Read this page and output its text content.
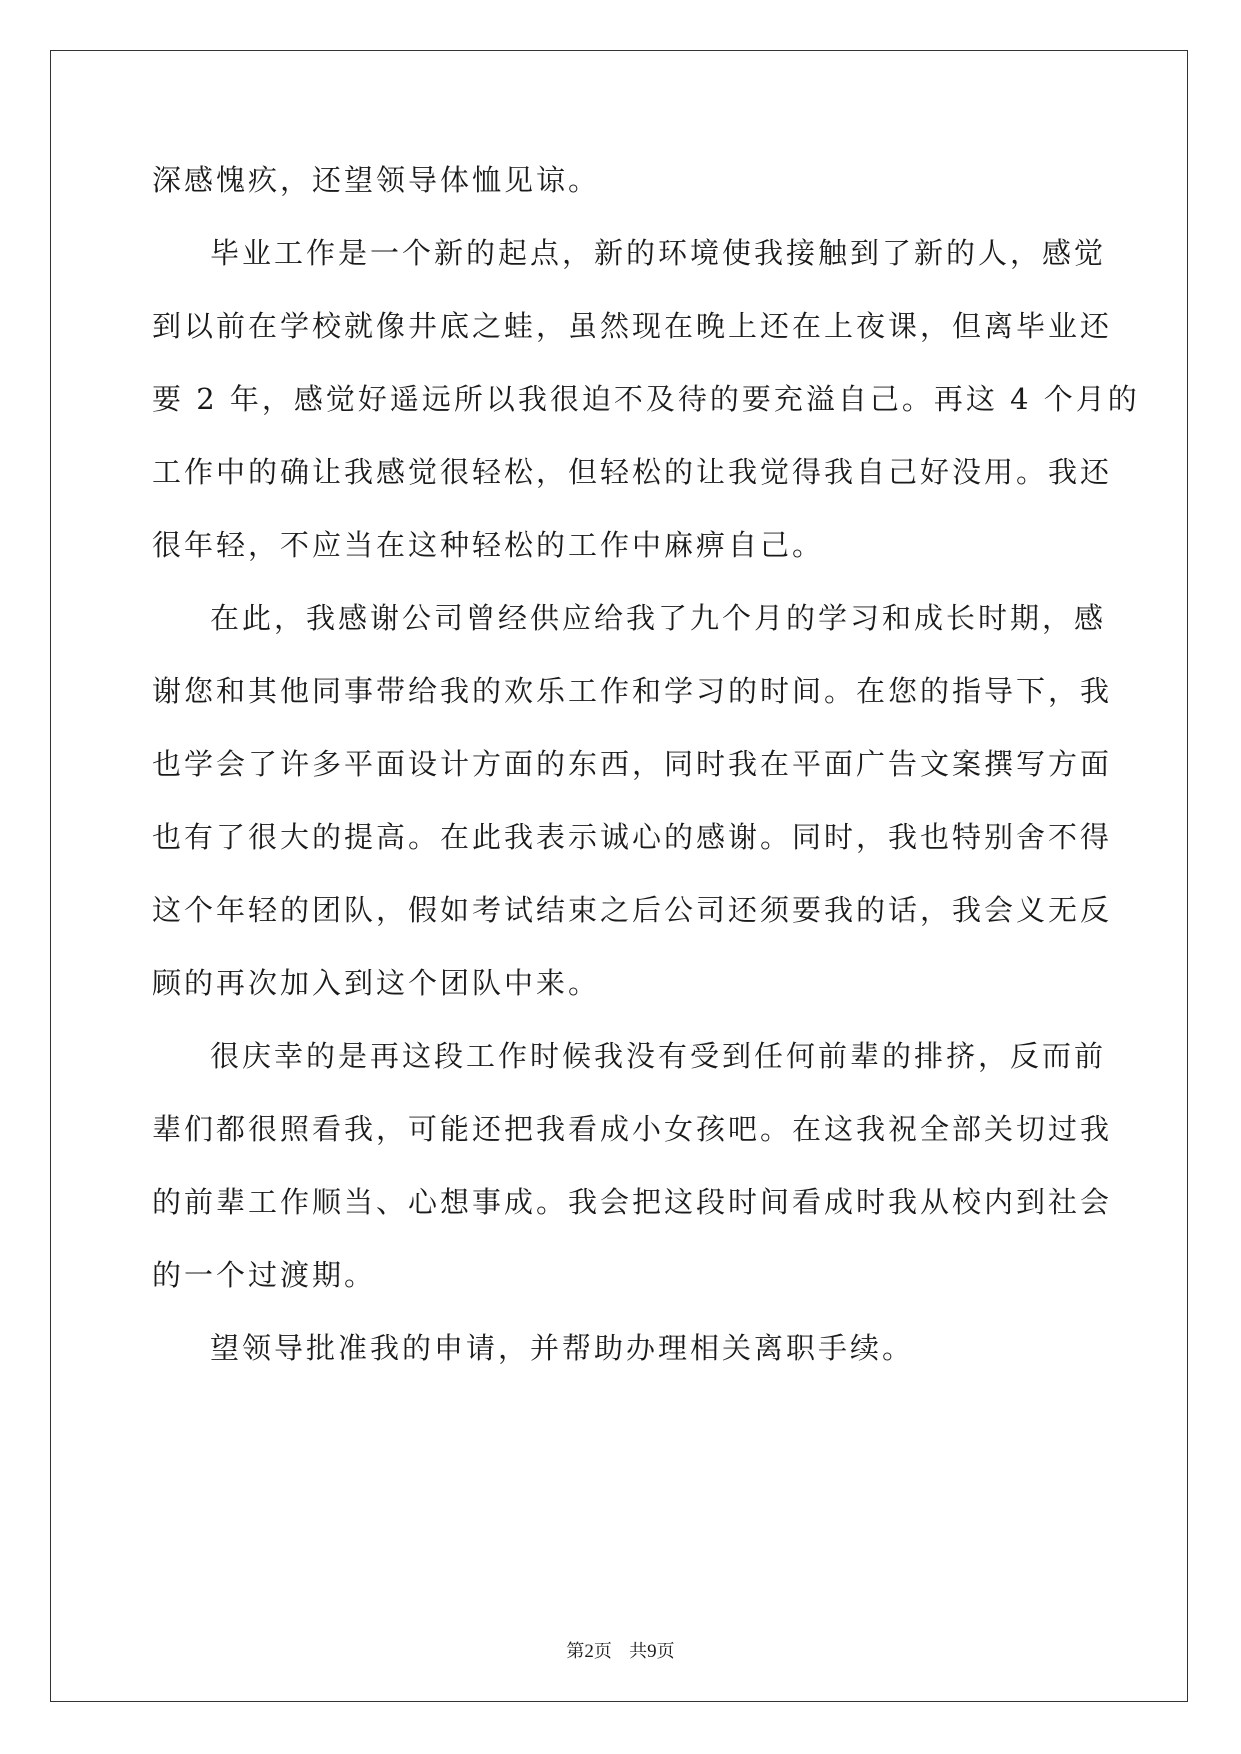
深感愧疚，还望领导体恤见谅。
毕业工作是一个新的起点，新的环境使我接触到了新的人，感觉
到以前在学校就像井底之蛙，虽然现在晚上还在上夜课，但离毕业还
要 2 年，感觉好遥远所以我很迫不及待的要充溢自己。再这 4 个月的
工作中的确让我感觉很轻松，但轻松的让我觉得我自己好没用。我还
很年轻，不应当在这种轻松的工作中麻痹自己。
在此，我感谢公司曾经供应给我了九个月的学习和成长时期，感
谢您和其他同事带给我的欢乐工作和学习的时间。在您的指导下，我
也学会了许多平面设计方面的东西，同时我在平面广告文案撰写方面
也有了很大的提高。在此我表示诚心的感谢。同时，我也特别舍不得
这个年轻的团队，假如考试结束之后公司还须要我的话，我会义无反
顾的再次加入到这个团队中来。
很庆幸的是再这段工作时候我没有受到任何前辈的排挤，反而前
辈们都很照看我，可能还把我看成小女孩吧。在这我祝全部关切过我
的前辈工作顺当、心想事成。我会把这段时间看成时我从校内到社会
的一个过渡期。
望领导批准我的申请，并帮助办理相关离职手续。
第2页 共9页
